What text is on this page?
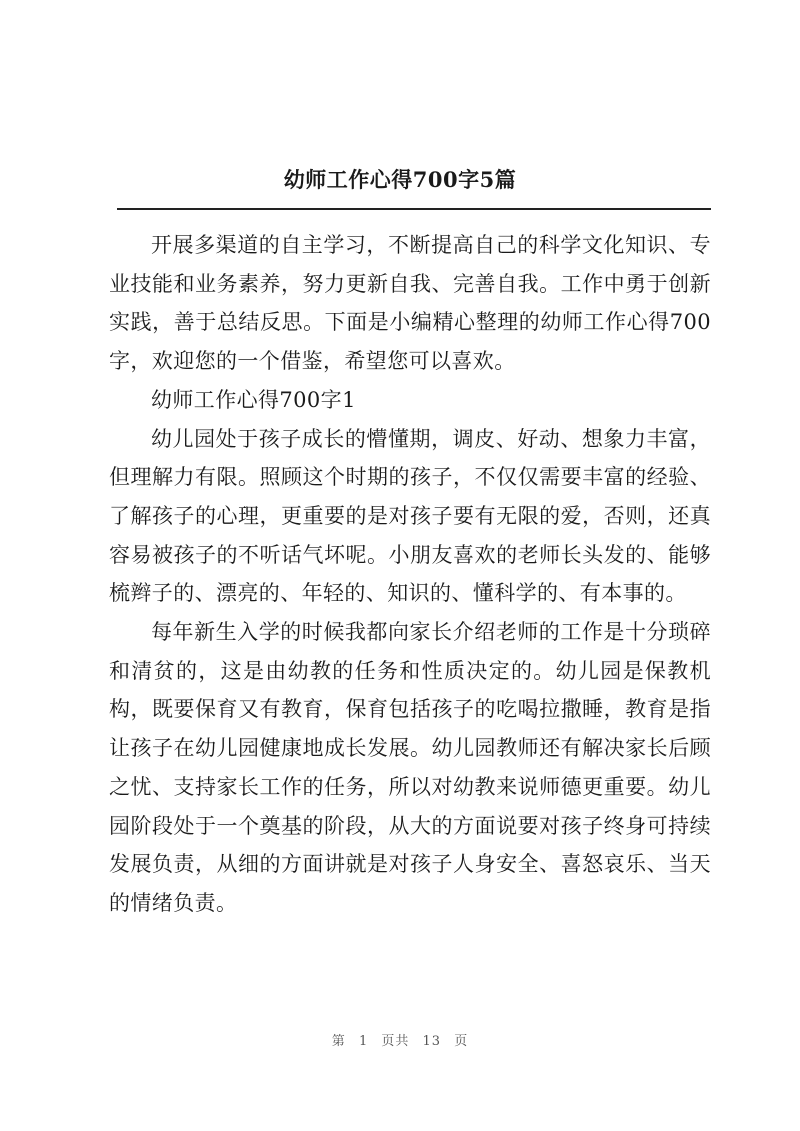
幼师工作心得700字5篇

开展多渠道的自主学习，不断提高自己的科学文化知识、专业技能和业务素养，努力更新自我、完善自我。工作中勇于创新实践，善于总结反思。下面是小编精心整理的幼师工作心得700字，欢迎您的一个借鉴，希望您可以喜欢。

幼师工作心得700字1

幼儿园处于孩子成长的懵懂期，调皮、好动、想象力丰富，但理解力有限。照顾这个时期的孩子，不仅仅需要丰富的经验、了解孩子的心理，更重要的是对孩子要有无限的爱，否则，还真容易被孩子的不听话气坏呢。小朋友喜欢的老师长头发的、能够梳辫子的、漂亮的、年轻的、知识的、懂科学的、有本事的。

每年新生入学的时候我都向家长介绍老师的工作是十分琐碎和清贫的，这是由幼教的任务和性质决定的。幼儿园是保教机构，既要保育又有教育，保育包括孩子的吃喝拉撒睡，教育是指让孩子在幼儿园健康地成长发展。幼儿园教师还有解决家长后顾之忧、支持家长工作的任务，所以对幼教来说师德更重要。幼儿园阶段处于一个奠基的阶段，从大的方面说要对孩子终身可持续发展负责，从细的方面讲就是对孩子人身安全、喜怒哀乐、当天的情绪负责。

第 1 页共 13 页
